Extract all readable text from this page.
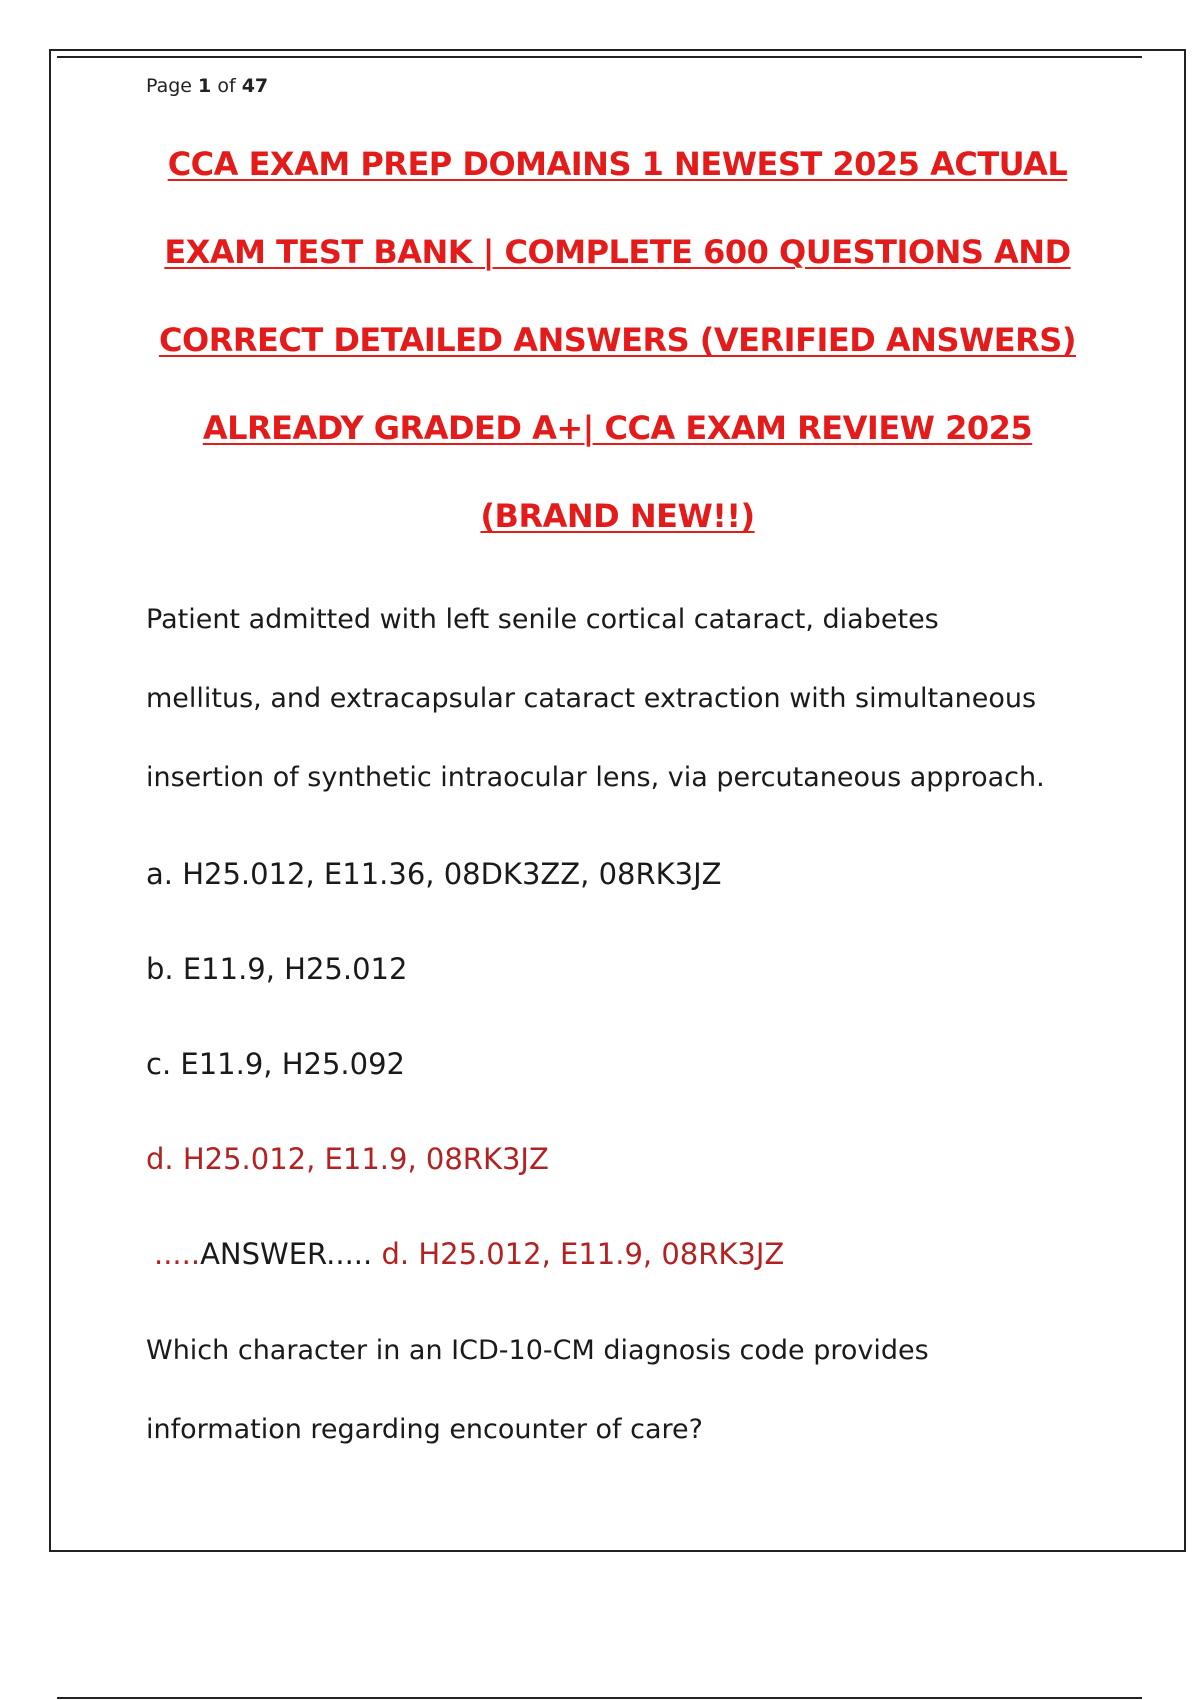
Page 1 of 47
CCA EXAM PREP DOMAINS 1 NEWEST 2025 ACTUAL
EXAM TEST BANK | COMPLETE 600 QUESTIONS AND
CORRECT DETAILED ANSWERS (VERIFIED ANSWERS)
ALREADY GRADED A+| CCA EXAM REVIEW 2025
(BRAND NEW!!)
Patient admitted with left senile cortical cataract, diabetes
mellitus, and extracapsular cataract extraction with simultaneous
insertion of synthetic intraocular lens, via percutaneous approach.
a. H25.012, E11.36, 08DK3ZZ, 08RK3JZ
b. E11.9, H25.012
c. E11.9, H25.092
d. H25.012, E11.9, 08RK3JZ
.....ANSWER..... d. H25.012, E11.9, 08RK3JZ
Which character in an ICD-10-CM diagnosis code provides
information regarding encounter of care?
